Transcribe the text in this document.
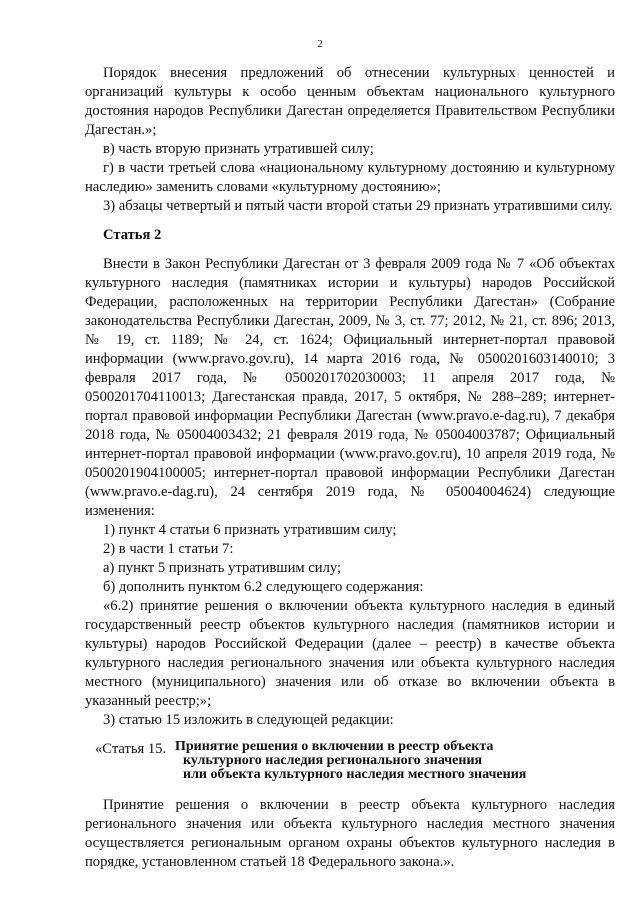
2

Порядок внесения предложений об отнесении культурных ценностей и организаций культуры к особо ценным объектам национального культурного достояния народов Республики Дагестан определяется Правительством Республики Дагестан.»;

в) часть вторую признать утратившей силу;

г) в части третьей слова «национальному культурному достоянию и культурному наследию» заменить словами «культурному достоянию»;

3) абзацы четвертый и пятый части второй статьи 29 признать утратившими силу.

Статья 2

Внести в Закон Республики Дагестан от 3 февраля 2009 года № 7 «Об объектах культурного наследия (памятниках истории и культуры) народов Российской Федерации, расположенных на территории Республики Дагестан» (Собрание законодательства Республики Дагестан, 2009, № 3, ст. 77; 2012, № 21, ст. 896; 2013, № 19, ст. 1189; № 24, ст. 1624; Официальный интернет-портал правовой информации (www.pravo.gov.ru), 14 марта 2016 года, № 0500201603140010; 3 февраля 2017 года, № 0500201702030003; 11 апреля 2017 года, № 0500201704110013; Дагестанская правда, 2017, 5 октября, № 288–289; интернет-портал правовой информации Республики Дагестан (www.pravo.e-dag.ru), 7 декабря 2018 года, № 05004003432; 21 февраля 2019 года, № 05004003787; Официальный интернет-портал правовой информации (www.pravo.gov.ru), 10 апреля 2019 года, № 0500201904100005; интернет-портал правовой информации Республики Дагестан (www.pravo.e-dag.ru), 24 сентября 2019 года, № 05004004624) следующие изменения:

1) пункт 4 статьи 6 признать утратившим силу;

2) в части 1 статьи 7:

а) пункт 5 признать утратившим силу;

б) дополнить пунктом 6.2 следующего содержания:

«6.2) принятие решения о включении объекта культурного наследия в единый государственный реестр объектов культурного наследия (памятников истории и культуры) народов Российской Федерации (далее – реестр) в качестве объекта культурного наследия регионального значения или объекта культурного наследия местного (муниципального) значения или об отказе во включении объекта в указанный реестр;»;

3) статью 15 изложить в следующей редакции:

«Статья 15. Принятие решения о включении в реестр объекта
культурного наследия регионального значения
или объекта культурного наследия местного значения

Принятие решения о включении в реестр объекта культурного наследия регионального значения или объекта культурного наследия местного значения осуществляется региональным органом охраны объектов культурного наследия в порядке, установленном статьей 18 Федерального закона.».
